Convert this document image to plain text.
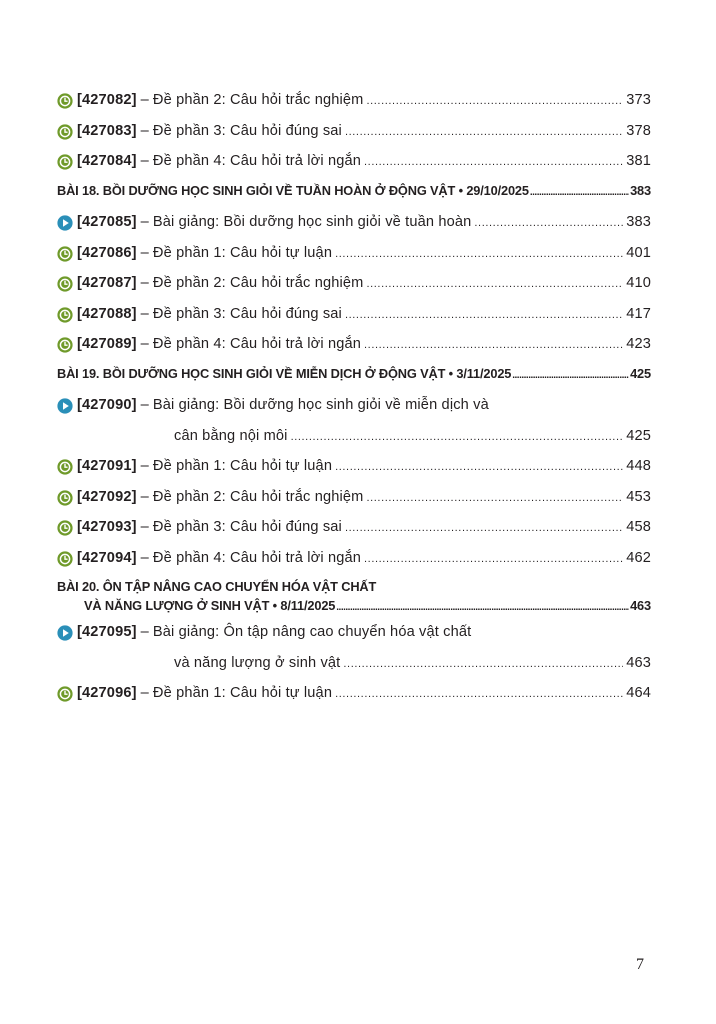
[427082] – Đề phần 2: Câu hỏi trắc nghiệm .....	373
[427083] – Đề phần 3: Câu hỏi đúng sai .....	378
[427084] – Đề phần 4: Câu hỏi trả lời ngắn .....	381
BÀI 18. BỒI DƯỠNG HỌC SINH GIỎI VỀ TUẦN HOÀN Ở ĐỘNG VẬT • 29/10/2025 .....	383
[427085] – Bài giảng: Bồi dưỡng học sinh giỏi về tuần hoàn .....	383
[427086] – Đề phần 1: Câu hỏi tự luận .....	401
[427087] – Đề phần 2: Câu hỏi trắc nghiệm .....	410
[427088] – Đề phần 3: Câu hỏi đúng sai .....	417
[427089] – Đề phần 4: Câu hỏi trả lời ngắn .....	423
BÀI 19. BỒI DƯỠNG HỌC SINH GIỎI VỀ MIỄN DỊCH Ở ĐỘNG VẬT • 3/11/2025 .....	425
[427090] – Bài giảng: Bồi dưỡng học sinh giỏi về miễn dịch và
cân bằng nội môi .....	425
[427091] – Đề phần 1: Câu hỏi tự luận .....	448
[427092] – Đề phần 2: Câu hỏi trắc nghiệm .....	453
[427093] – Đề phần 3: Câu hỏi đúng sai .....	458
[427094] – Đề phần 4: Câu hỏi trả lời ngắn .....	462
BÀI 20. ÔN TẬP NÂNG CAO CHUYỂN HÓA VẬT CHẤT
VÀ NĂNG LƯỢNG Ở SINH VẬT • 8/11/2025 .....	463
[427095] – Bài giảng: Ôn tập nâng cao chuyển hóa vật chất
và năng lượng ở sinh vật .....	463
[427096] – Đề phần 1: Câu hỏi tự luận .....	464
7
